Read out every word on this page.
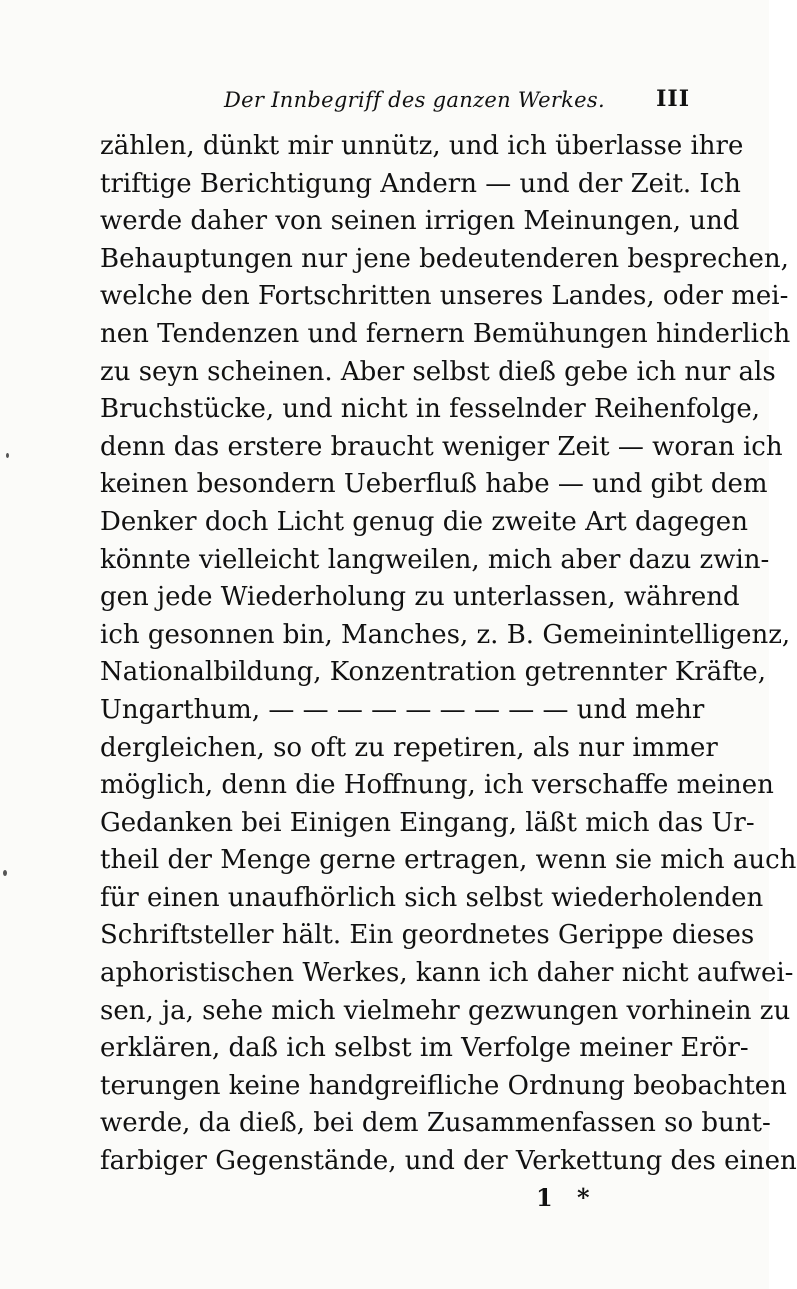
Der Innbegriff des ganzen Werkes. III
zählen, dünkt mir unnütz, und ich überlasse ihre
triftige Berichtigung Andern — und der Zeit. Ich
werde daher von seinen irrigen Meinungen, und
Behauptungen nur jene bedeutenderen besprechen,
welche den Fortschritten unseres Landes, oder mei-
nen Tendenzen und fernern Bemühungen hinderlich
zu seyn scheinen. Aber selbst dieß gebe ich nur als
Bruchstücke, und nicht in fesselnder Reihenfolge,
denn das erstere braucht weniger Zeit — woran ich
keinen besondern Ueberfluß habe — und gibt dem
Denker doch Licht genug die zweite Art dagegen
könnte vielleicht langweilen, mich aber dazu zwin-
gen jede Wiederholung zu unterlassen, während
ich gesonnen bin, Manches, z. B. Gemeinintelligenz,
Nationalbildung, Konzentration getrennter Kräfte,
Ungarthum, — — — — — — — — — und mehr
dergleichen, so oft zu repetiren, als nur immer
möglich, denn die Hoffnung, ich verschaffe meinen
Gedanken bei Einigen Eingang, läßt mich das Ur-
theil der Menge gerne ertragen, wenn sie mich auch
für einen unaufhörlich sich selbst wiederholenden
Schriftsteller hält. Ein geordnetes Gerippe dieses
aphoristischen Werkes, kann ich daher nicht aufwei-
sen, ja, sehe mich vielmehr gezwungen vorhinein zu
erklären, daß ich selbst im Verfolge meiner Erör-
terungen keine handgreifliche Ordnung beobachten
werde, da dieß, bei dem Zusammenfassen so bunt-
farbiger Gegenstände, und der Verkettung des einen
1 *
